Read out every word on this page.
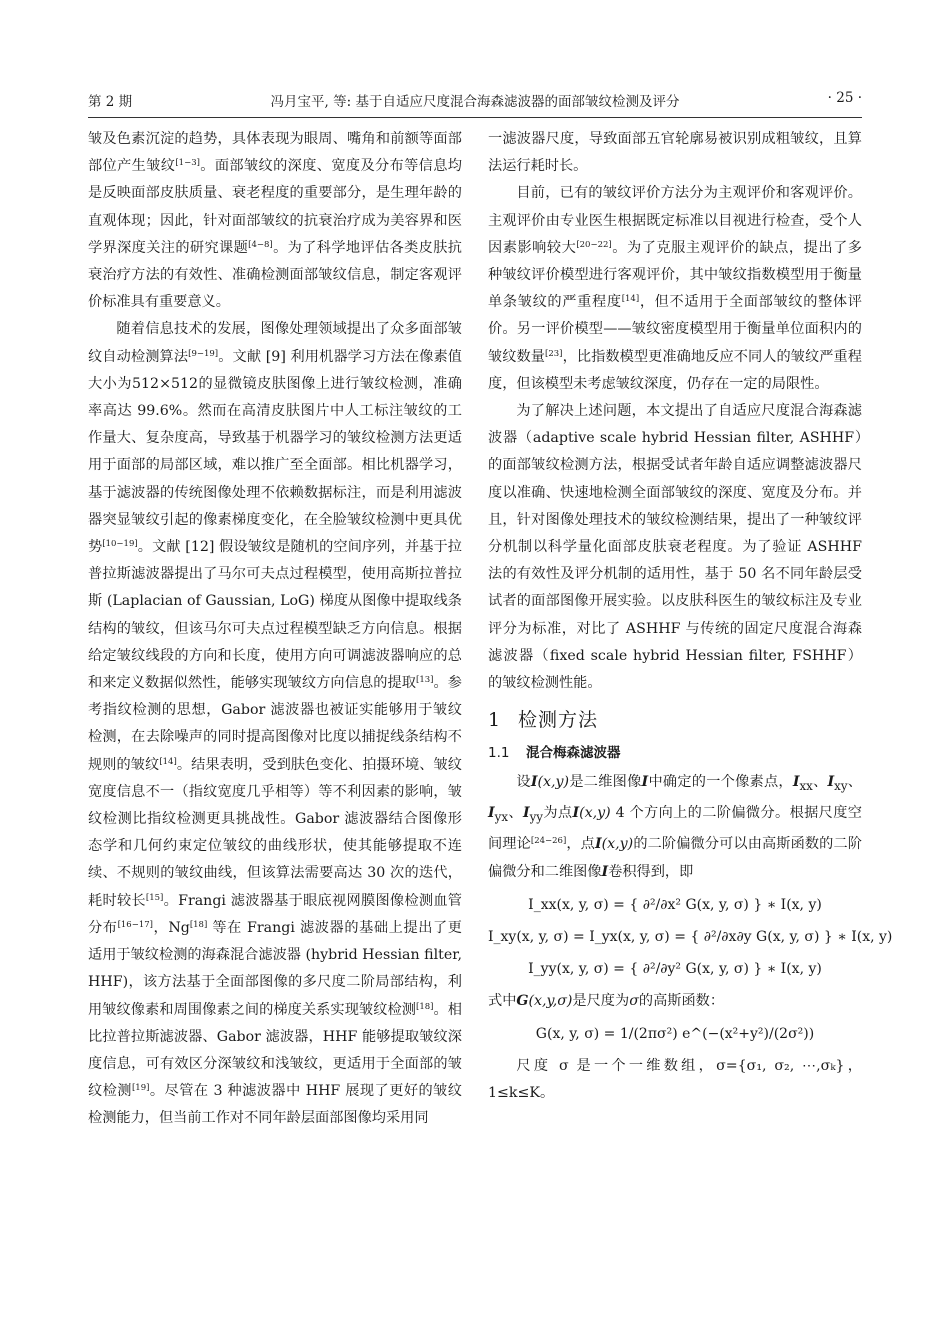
第 2 期	冯月宝平, 等: 基于自适应尺度混合海森滤波器的面部皱纹检测及评分	· 25 ·

皱及色素沉淀的趋势，具体表现为眼周、嘴角和前额等面部部位产生皱纹[1−3]。面部皱纹的深度、宽度及分布等信息均是反映面部皮肤质量、衰老程度的重要部分，是生理年龄的直观体现；因此，针对面部皱纹的抗衰治疗成为美容界和医学界深度关注的研究课题[4−8]。为了科学地评估各类皮肤抗衰治疗方法的有效性、准确检测面部皱纹信息，制定客观评价标准具有重要意义。

随着信息技术的发展，图像处理领域提出了众多面部皱纹自动检测算法[9−19]。文献 [9] 利用机器学习方法在像素值大小为512×512的显微镜皮肤图像上进行皱纹检测，准确率高达 99.6%。然而在高清皮肤图片中人工标注皱纹的工作量大、复杂度高，导致基于机器学习的皱纹检测方法更适用于面部的局部区域，难以推广至全面部。相比机器学习，基于滤波器的传统图像处理不依赖数据标注，而是利用滤波器突显皱纹引起的像素梯度变化，在全脸皱纹检测中更具优势[10−19]。文献 [12] 假设皱纹是随机的空间序列，并基于拉普拉斯滤波器提出了马尔可夫点过程模型，使用高斯拉普拉斯 (Laplacian of Gaussian, LoG) 梯度从图像中提取线条结构的皱纹，但该马尔可夫点过程模型缺乏方向信息。根据给定皱纹线段的方向和长度，使用方向可调滤波器响应的总和来定义数据似然性，能够实现皱纹方向信息的提取[13]。参考指纹检测的思想，Gabor 滤波器也被证实能够用于皱纹检测，在去除噪声的同时提高图像对比度以捕捉线条结构不规则的皱纹[14]。结果表明，受到肤色变化、拍摄环境、皱纹宽度信息不一（指纹宽度几乎相等）等不利因素的影响，皱纹检测比指纹检测更具挑战性。Gabor 滤波器结合图像形态学和几何约束定位皱纹的曲线形状，使其能够提取不连续、不规则的皱纹曲线，但该算法需要高达 30 次的迭代，耗时较长[15]。Frangi 滤波器基于眼底视网膜图像检测血管分布[16−17]，Ng[18] 等在 Frangi 滤波器的基础上提出了更适用于皱纹检测的海森混合滤波器 (hybrid Hessian filter, HHF)，该方法基于全面部图像的多尺度二阶局部结构，利用皱纹像素和周围像素之间的梯度关系实现皱纹检测[18]。相比拉普拉斯滤波器、Gabor 滤波器，HHF 能够提取皱纹深度信息，可有效区分深皱纹和浅皱纹，更适用于全面部的皱纹检测[19]。尽管在 3 种滤波器中 HHF 展现了更好的皱纹检测能力，但当前工作对不同年龄层面部图像均采用同

一滤波器尺度，导致面部五官轮廓易被识别成粗皱纹，且算法运行耗时长。

目前，已有的皱纹评价方法分为主观评价和客观评价。主观评价由专业医生根据既定标准以目视进行检查，受个人因素影响较大[20−22]。为了克服主观评价的缺点，提出了多种皱纹评价模型进行客观评价，其中皱纹指数模型用于衡量单条皱纹的严重程度[14]，但不适用于全面部皱纹的整体评价。另一评价模型——皱纹密度模型用于衡量单位面积内的皱纹数量[23]，比指数模型更准确地反应不同人的皱纹严重程度，但该模型未考虑皱纹深度，仍存在一定的局限性。

为了解决上述问题，本文提出了自适应尺度混合海森滤波器（adaptive scale hybrid Hessian filter, ASHHF）的面部皱纹检测方法，根据受试者年龄自适应调整滤波器尺度以准确、快速地检测全面部皱纹的深度、宽度及分布。并且，针对图像处理技术的皱纹检测结果，提出了一种皱纹评分机制以科学量化面部皮肤衰老程度。为了验证 ASHHF 法的有效性及评分机制的适用性，基于 50 名不同年龄层受试者的面部图像开展实验。以皮肤科医生的皱纹标注及专业评分为标准，对比了 ASHHF 与传统的固定尺度混合海森滤波器（fixed scale hybrid Hessian filter, FSHHF）的皱纹检测性能。

1 检测方法
1.1 混合梅森滤波器

设I(x,y)是二维图像I中确定的一个像素点，$I_{xx}$、$I_{xy}$、$I_{yx}$、$I_{yy}$为点I(x,y) 4 个方向上的二阶偏微分。根据尺度空间理论[24−26]，点I(x,y)的二阶偏微分可以由高斯函数的二阶偏微分和二维图像I卷积得到，即

I_xx(x, y, σ) = { ∂²/∂x² G(x, y, σ) } ∗ I(x, y)
I_xy(x, y, σ) = I_yx(x, y, σ) = { ∂²/∂x∂y G(x, y, σ) } ∗ I(x, y)
I_yy(x, y, σ) = { ∂²/∂y² G(x, y, σ) } ∗ I(x, y)

式中G(x,y,σ)是尺度为σ的高斯函数：

G(x, y, σ) = 1/(2πσ²) e^(−(x²+y²)/(2σ²))

尺度 σ 是一个一维数组，σ={σ₁, σ₂, ⋯,σₖ}，1≤k≤K。
